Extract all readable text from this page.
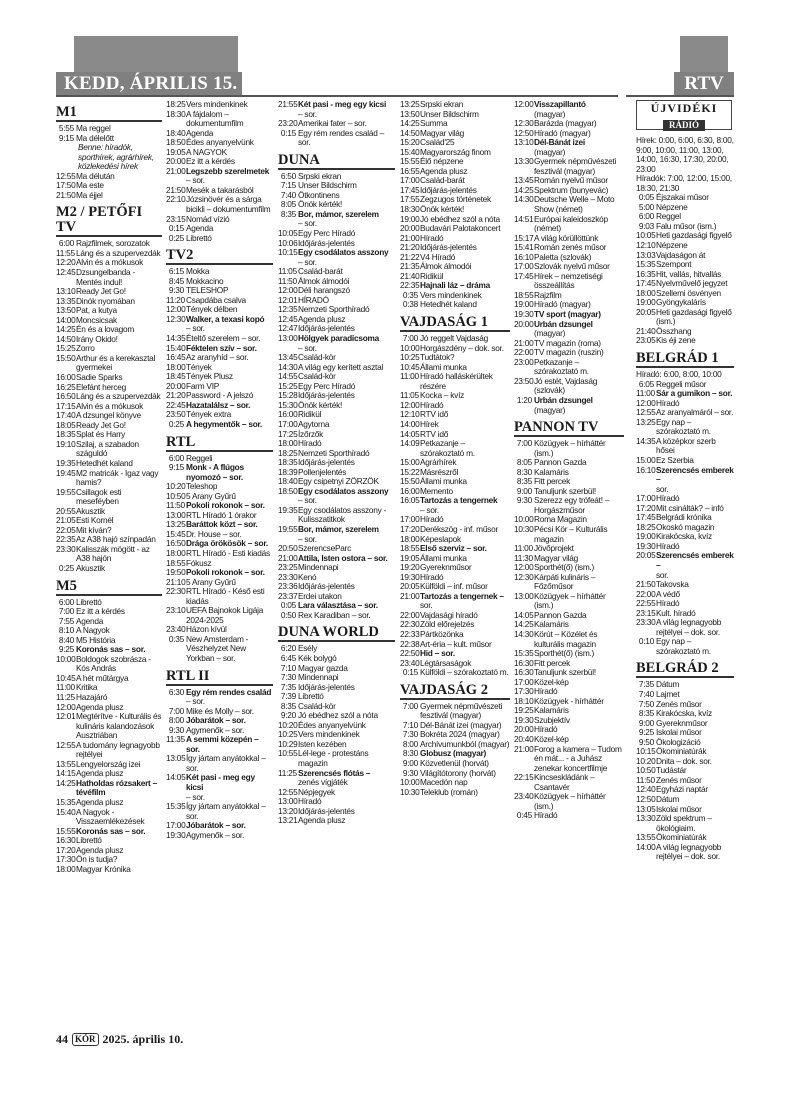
KEDD, ÁPRILIS 15.	RTV
M1
5:55 Ma reggel
9:15 Ma délelőtt
Benne: híradók, sporthírek, agrárhírek, közlekedési hírek
12:55 Ma délután
17:50 Ma este
21:50 Ma éjjel
M2 / PETŐFI TV
6:00 Rajzfilmek, sorozatok
11:55 Láng és a szupervezdák
12:20 Alvin és a mókusok
12:45 Dzsungelbanda - Mentés indul!
13:10 Ready Jet Go!
13:35 Dinók nyomában
13:50 Pat, a kutya
14:00 Moncsicsak
14:25 Én és a lovagom
14:50 Irány Okido!
15:25 Zorro
15:50 Arthur és a kerekasztal gyermekei
16:00 Sadie Sparks
16:25 Elefánt herceg
16:50 Láng és a szupervezdák
17:15 Alvin és a mókusok
17:40 A dzsungel könyve
18:05 Ready Jet Go!
18:35 Splat és Harry
19:10 Szilaj, a szabadon száguldó
19:35 Hetedhét kaland
19:45 M2 matricák - Igaz vagy hamis?
19:55 Csillagok esti meseféyben
20:55 Akusztik
21:05 Esti Kornél
22:05 Mit kíván?
22:35 Az A38 hajó színpadán
23:30 Kalisszák mögött - az A38 hajón
0:25 Akusztik
M5
6:00 Librettó
7:00 Ez itt a kérdés
7:55 Agenda
8:10 A Nagyok
8:40 M5 História
9:25 Koronás sas – sor.
10:00 Boldogok szobrásza - Kós András
10:45 A hét műtárgya
11:00 Kritika
11:25 Hazajáró
12:00 Agenda plusz
12:01 Megtérítve - Kulturális és kulináris kalandozások Ausztriában
12:55 A tudomány legnagyobb rejtélyei
13:55 Lengyelország izei
14:15 Agenda plusz
14:25 Hatholdas rózsakert – tévéfilm
15:35 Agenda plusz
15:40 A Nagyok - Visszaemlékezések
15:55 Koronás sas – sor.
16:30 Librettó
17:20 Agenda plusz
17:30 Ön is tudja?
18:00 Magyar Krónika
18:25 Vers mindenkinek
18:30 A fájdalom – dokumentumfilm
18:40 Agenda
18:50 Édes anyanyelvünk
19:05 A NAGYOK
20:00 Ez itt a kérdés
21:00 Legszebb szerelmetek
– sor.
21:50 Mesék a takarásból
22:10 Józsinövér és a sárga bicikli – dokumentumfilm
23:15 Nomád vízió
0:15 Agenda
0:25 Librettó
TV2
6:15 Mokka
8:45 Mokkacino
9:30 TELESHOP
11:20 Csapdába csalva
12:00 Tények délben
12:30 Walker, a texasi kopó
– sor.
14:35 Ételtő szerelem – sor.
15:40 Féktelen szív – sor.
16:45 Az aranyhíd – sor.
18:00 Tények
18:45 Tények Plusz
20:00 Farm VIP
21:20 Password - A jelszó
22:45 Hazatalálsz – sor.
23:50 Tények extra
0:25 A hegymentők – sor.
RTL
6:00 Reggeli
9:15 Monk - A flúgos nyomozó – sor.
10:20 Teleshop
10:50 5 Arany Gyűrű
11:50 Pokoli rokonok – sor.
13:00 RTL Híradó 1 órakor
13:25 Baráttok közt – sor.
15:45 Dr. House – sor.
16:50 Drága örökösök – sor.
18:00 RTL Híradó - Esti kiadás
18:55 Fókusz
19:50 Pokoli rokonok – sor.
21:10 5 Arany Gyűrű
22:30 RTL Híradó - Késő esti kiadás
23:10 UEFA Bajnokok Ligája 2024-2025
23:40 Házon kívül
0:35 New Amsterdam - Vészhelyzet New Yorkban – sor.
RTL II
6:30 Egy rém rendes család
– sor.
7:00 Mike és Molly – sor.
8:00 Jóbarátok – sor.
9:30 Agymenők – sor.
11:35 A semmi közepén – sor.
13:05 Így jártam anyátokkal – sor.
14:05 Két pasi - meg egy kicsi
– sor.
15:35 Így jártam anyátokkal – sor.
17:00 Jóbarátok – sor.
19:30 Agymenők – sor.
21:55 Két pasi - meg egy kicsi
– sor.
23:20 Amerikai fater – sor.
0:15 Egy rém rendes család – sor.
DUNA
6:50 Srpski ekran
7:15 Unser Bildschirm
7:40 Ötkontinens
8:05 Önök kérték!
8:35 Bor, mámor, szerelem
– sor.
10:05 Egy Perc Híradó
10:06 Időjárás-jelentés
10:15 Egy csodálatos asszony
– sor.
11:05 Család-barát
11:50 Álmok álmodói
12:00 Déli harangszó
12:01 HÍRADÓ
12:35 Nemzeti Sporthíradó
12:45 Agenda plusz
12:47 Időjárás-jelentés
13:00 Hölgyek paradicsoma
– sor.
13:45 Család-kör
14:30 A világ egy kerített asztal
14:55 Család-kör
15:25 Egy Perc Híradó
15:28 Időjárás-jelentés
15:30 Önök kérték!
16:00 Ridikül
17:00 Agytorna
17:25 Ízőrzők
18:00 Híradó
18:25 Nemzeti Sporthíradó
18:35 Időjárás-jelentés
18:39 Pollenjelentés
18:40 Egy csipetnyi ZÖRZÖK
18:50 Egy csodálatos asszony
– sor.
19:35 Egy csodálatos asszony - Kulisszatitkok
19:55 Bor, mámor, szerelem
– sor.
20:50 SzerencseParc
21:00 Attila, Isten ostora – sor.
23:25 Mindennapi
23:30 Kenó
23:36 Időjárás-jelentés
23:37 Erdei utakon
0:05 Lara választása – sor.
0:50 Rex Karadiban – sor.
DUNA WORLD
6:20 Esély
6:45 Kék bolygó
7:10 Magyar gazda
7:30 Mindennapi
7:35 Időjárás-jelentés
7:39 Librettó
8:35 Család-kör
9:20 Jó ebédhez szól a nóta
10:20 Édes anyanyelvünk
10:25 Vers mindenkinek
10:29 Isten kezében
10:55 Lél-lege - protestáns magazin
11:25 Szerencsés flótás –
zenés vígjáték
12:55 Népjegyek
13:00 Híradó
13:20 Időjárás-jelentés
13:21 Agenda plusz
13:25 Srpski ekran
13:50 Unser Bildschirm
14:25 Summa
14:50 Magyar világ
15:20 Család'25
15:40 Magyarország finom
15:55 Élő népzene
16:55 Agenda plusz
17:00 Család-barát
17:45 Időjárás-jelentés
17:55 Zegzugos történetek
18:30 Önök kérték!
19:00 Jó ebédhez szól a nóta
20:00 Budavári Palotakoncert
21:00 Híradó
21:20 Időjárás-jelentés
21:22 V4 Híradó
21:35 Álmok álmodói
21:40 Ridikül
22:35 Hajnali láz – dráma
0:35 Vers mindenkinek
0:38 Hetedhét kaland
VAJDASÁG 1
7:00 Jó reggelt Vajdaság
10:00 Horgászdény – dok. sor.
10:25 Tudtátok?
10:45 Állami munka
11:00 Híradó halláskérültek részére
11:05 Kocka – kvíz
12:00 Híradó
12:10 RTV idő
14:00 Hírek
14:05 RTV idő
14:09 Petkazanje – szórakoztató m.
15:00 Agrárhírek
15:22 Másrészről
15:50 Állami munka
16:00 Memento
16:05 Tartozás a tengernek
– sor.
17:00 Híradó
17:20 Derékszög - inf. műsor
18:00 Képeslapok
18:55 Első szerviz – sor.
19:05 Állami munka
19:20 Gyereknműsor
19:30 Híradó
20:05 Külföldi – inf. műsor
21:00 Tartozás a tengernek –
sor.
22:00 Vajdasági híradó
22:30 Zöld előrejelzés
22:33 Pártközönka
22:38 Art-éria – kult. műsor
22:50 Hid – sor.
23:40 Légtársaságok
0:15 Külföldi – szórakoztató m.
VAJDASÁG 2
7:00 Gyermek népművészeti fesztivál (magyar)
7:10 Dél-Bánát izei (magyar)
7:30 Bokréta 2024 (magyar)
8:00 Archívumunkból (magyar)
8:30 Globusz (magyar)
9:00 Közvetlenül (horvát)
9:30 Világítótorony (horvát)
10:00 Macedón nap
10:30 Teleklub (román)
12:00 Visszapillantó
(magyar)
12:30 Barázda (magyar)
12:50 Híradó (magyar)
13:10 Dél-Bánát izei
(magyar)
13:30 Gyermek népművészeti fesztivál (magyar)
13:45 Román nyelvű műsor
14:25 Spektrum (bunyevác)
14:30 Deutsche Welle – Moto Show (német)
14:51 Európai kaleidoszkóp (német)
15:17 A világ körüllöttünk
15:41 Román zenés műsor
16:10 Paletta (szlovák)
17:00 Szlovák nyelvű műsor
17:45 Hírek – nemzetiségi összeállítás
18:55 Rajzfilm
19:00 Híradó (magyar)
19:30 TV sport (magyar)
20:00 Urbán dzsungel
(magyar)
21:00 TV magazin (roma)
22:00 TV magazin (ruszin)
23:00 Petkazanje – szórakoztató m.
23:50 Jó estét, Vajdaság (szlovák)
1:20 Urbán dzsungel
(magyar)
PANNON TV
7:00 Közügyek – hírháttér (ism.)
8:05 Pannon Gazda
8:30 Kalamáris
8:35 Fitt percek
9:00 Tanuljunk szerbül!
9:30 Szerezz egy trófeát! – Horgászműsor
10:00 Roma Magazin
10:30 Pécsi Kör – Kulturális magazin
11:00 Jövőprojekt
11:30 Magyar világ
12:00 Sporthét(ő) (ism.)
12:30 Kárpáti kulináris – Főzőműsor
13:00 Közügyek – hírháttér (ism.)
14:05 Pannon Gazda
14:25 Kalamáris
14:30 Körút – Közélet és kulturális magazin
15:35 Sporthét(ő) (ism.)
16:30 Fitt percek
16:30 Tanuljunk szerbül!
17:00 Közel-kép
17:30 Híradó
18:10 Közügyek - hírháttér
19:25 Kalamáris
19:30 Szubjektív
20:00 Híradó
20:40 Közel-kép
21:00 Forog a kamera – Tudom én mát... - a Juhász zenekar koncertfilmje
22:15 Kincseskládánk – Csantavér
23:40 Közügyek – hírháttér (ism.)
0:45 Híradó
Hírek: 0:00, 6:00, 6:30, 8:00, 9:00, 10:00, 11:00, 13:00, 14:00, 16:30, 17:30, 20:00, 23:00
Híradók: 7:00, 12:00, 15:00, 18:30, 21:30
0:05 Éjszakai műsor
5:00 Népzene
6:00 Reggel
9:03 Falu műsor (ism.)
10:05 Heti gazdasági figyelő
12:10 Népzene
13:03 Vajdaságon át
15:35 Szempont
16:35 Hit, vallás, hitvallás
17:45 Nyelvművelő jegyzet
18:00 Szellemi ösvényen
19:00 Gyöngykalárís
20:05 Heti gazdasági figyelő (ism.)
21:40 Összhang
23:05 Kis éji zene
BELGRÁD 1
Híradó: 6:00, 8:00, 10:00
6:05 Reggeli műsor
11:00 Sár a gumikon – sor.
12:00 Híradó
12:55 Az aranyalmáról – sor.
13:25 Egy nap – szórakoztató m.
14:35 A középkor szerb hősei
15:00 Ez Szerbia
16:10 Szerencsés emberek –
sor.
17:00 Híradó
17:20 Mit csinálták? – infó
17:45 Belgrádi krónika
18:25 Okoskó magazin
19:00 Kirakócska, kvíz
19:30 Híradó
20:05 Szerencsés emberek –
sor.
21:50 Takovska
22:00 A védő
22:55 Híradó
23:15 Kult. híradó
23:30 A világ legnagyobb rejtélyei – dok. sor.
0:10 Egy nap – szórakoztató m.
BELGRÁD 2
7:35 Dátum
7:40 Lajmet
7:50 Zenés műsor
8:35 Kirakócska, kvíz
9:00 Gyereknműsor
9:25 Iskolai műsor
9:50 Ökologizáció
10:15 Ökominiatúrák
10:20 Dnita – dok. sor.
10:50 Tudástár
11:50 Zenés műsor
12:40 Egyházi naptár
12:50 Dátum
13:05 Iskolai műsor
13:30 Zöld spektrum – ökológiaim.
13:55 Ökominiatúrák
14:00 A világ legnagyobb rejtélyei – dok. sor.
ÚJVIDÉKI
RÁDIÓ
44 KÓR 2025. április 10.
